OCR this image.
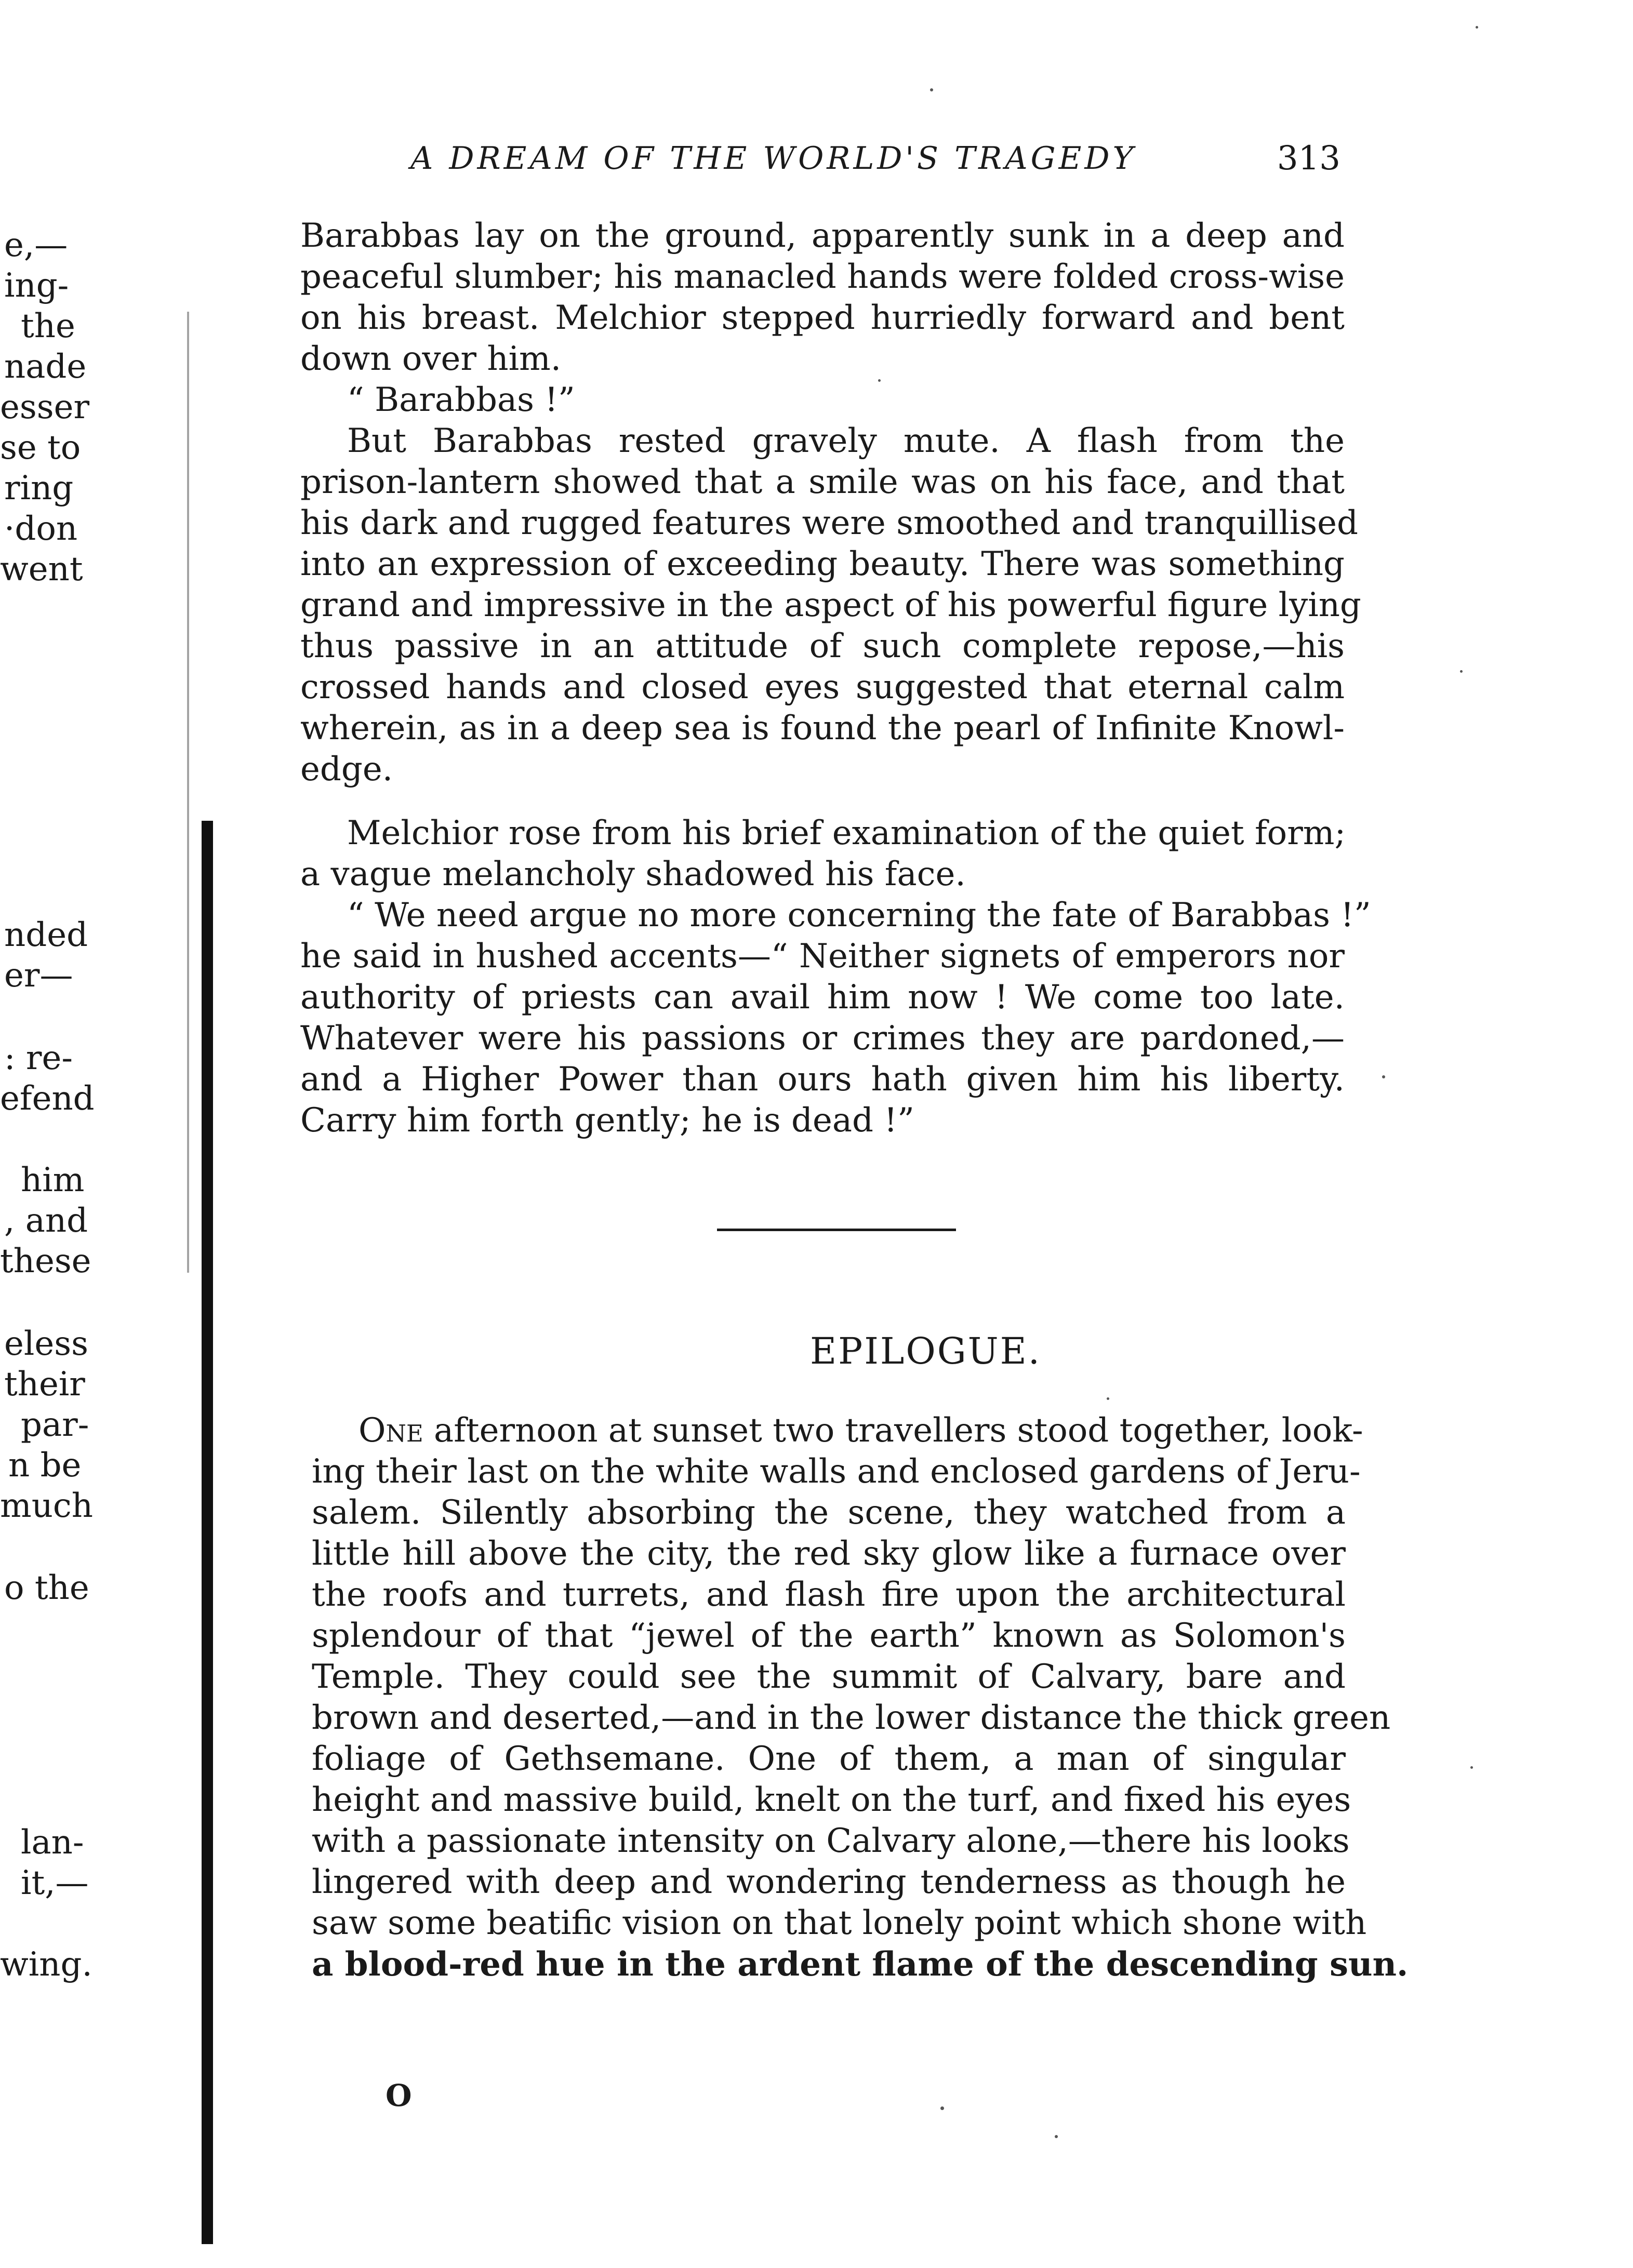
e,—
ing-
the
nade
esser
se to
ring
·don
went
nded
er—
: re-
efend
him
, and
these
eless
their
par-
n be
much
o the
lan-
it,—
wing.
A DREAM OF THE WORLD'S TRAGEDY	313
Barabbas lay on the ground, apparently sunk in a deep and
peaceful slumber; his manacled hands were folded cross-wise
on his breast. Melchior stepped hurriedly forward and bent
down over him.
“ Barabbas !”
But Barabbas rested gravely mute. A flash from the
prison-lantern showed that a smile was on his face, and that
his dark and rugged features were smoothed and tranquillised
into an expression of exceeding beauty. There was something
grand and impressive in the aspect of his powerful figure lying
thus passive in an attitude of such complete repose,—his
crossed hands and closed eyes suggested that eternal calm
wherein, as in a deep sea is found the pearl of Infinite Knowl-
edge.
Melchior rose from his brief examination of the quiet form;
a vague melancholy shadowed his face.
“ We need argue no more concerning the fate of Barabbas !”
he said in hushed accents—“ Neither signets of emperors nor
authority of priests can avail him now ! We come too late.
Whatever were his passions or crimes they are pardoned,—
and a Higher Power than ours hath given him his liberty.
Carry him forth gently; he is dead !”
EPILOGUE.
One afternoon at sunset two travellers stood together, look-
ing their last on the white walls and enclosed gardens of Jeru-
salem. Silently absorbing the scene, they watched from a
little hill above the city, the red sky glow like a furnace over
the roofs and turrets, and flash fire upon the architectural
splendour of that “jewel of the earth” known as Solomon's
Temple. They could see the summit of Calvary, bare and
brown and deserted,—and in the lower distance the thick green
foliage of Gethsemane. One of them, a man of singular
height and massive build, knelt on the turf, and fixed his eyes
with a passionate intensity on Calvary alone,—there his looks
lingered with deep and wondering tenderness as though he
saw some beatific vision on that lonely point which shone with
a blood-red hue in the ardent flame of the descending sun.
O
